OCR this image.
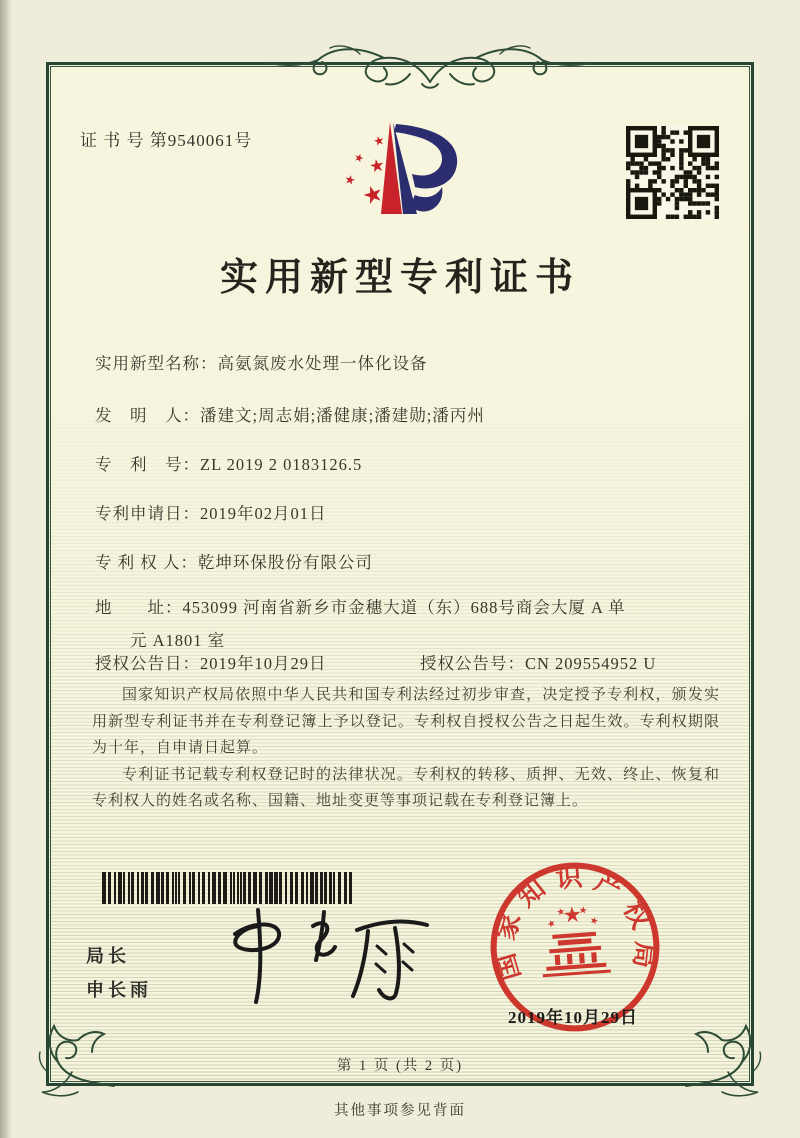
证 书 号 第9540061号
实用新型专利证书
实用新型名称：高氨氮废水处理一体化设备
发　明　人：潘建文;周志娟;潘健康;潘建勋;潘丙州
专　利　号：ZL 2019 2 0183126.5
专利申请日：2019年02月01日
专 利 权 人：乾坤环保股份有限公司
地　　址：453099 河南省新乡市金穗大道（东）688号商会大厦 A 单
元 A1801 室
授权公告日：2019年10月29日	授权公告号：CN 209554952 U

国家知识产权局依照中华人民共和国专利法经过初步审查，决定授予专利权，颁发实用新型专利证书并在专利登记簿上予以登记。专利权自授权公告之日起生效。专利权期限为十年，自申请日起算。

专利证书记载专利权登记时的法律状况。专利权的转移、质押、无效、终止、恢复和专利权人的姓名或名称、国籍、地址变更等事项记载在专利登记簿上。

局长
申长雨
国家知识产权局
2019年10月29日
第 1 页 (共 2 页)
其他事项参见背面
